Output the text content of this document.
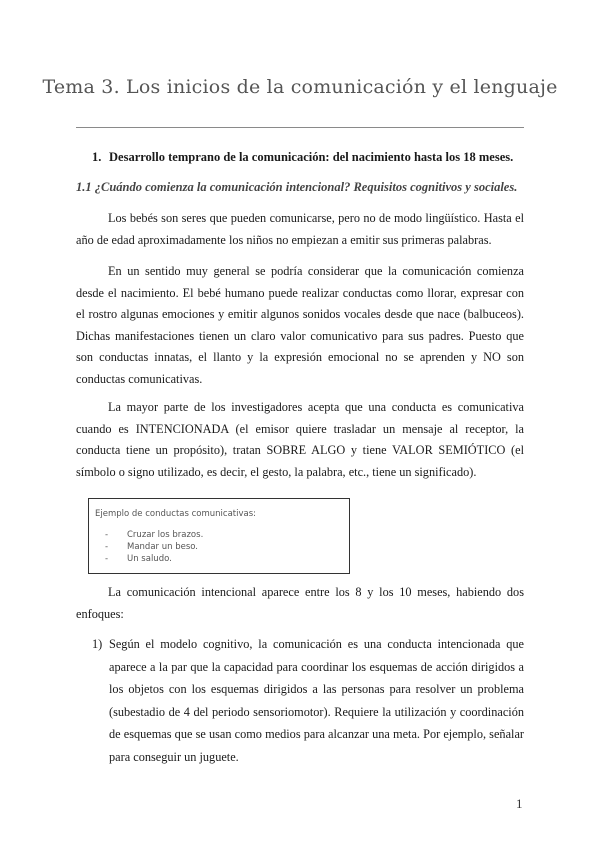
Tema 3. Los inicios de la comunicación y el lenguaje
1. Desarrollo temprano de la comunicación: del nacimiento hasta los 18 meses.
1.1 ¿Cuándo comienza la comunicación intencional? Requisitos cognitivos y sociales.

Los bebés son seres que pueden comunicarse, pero no de modo lingüístico. Hasta el año de edad aproximadamente los niños no empiezan a emitir sus primeras palabras.

En un sentido muy general se podría considerar que la comunicación comienza desde el nacimiento. El bebé humano puede realizar conductas como llorar, expresar con el rostro algunas emociones y emitir algunos sonidos vocales desde que nace (balbuceos). Dichas manifestaciones tienen un claro valor comunicativo para sus padres. Puesto que son conductas innatas, el llanto y la expresión emocional no se aprenden y NO son conductas comunicativas.

La mayor parte de los investigadores acepta que una conducta es comunicativa cuando es INTENCIONADA (el emisor quiere trasladar un mensaje al receptor, la conducta tiene un propósito), tratan SOBRE ALGO y tiene VALOR SEMIÓTICO (el símbolo o signo utilizado, es decir, el gesto, la palabra, etc., tiene un significado).

Ejemplo de conductas comunicativas:
- Cruzar los brazos.
- Mandar un beso.
- Un saludo.

La comunicación intencional aparece entre los 8 y los 10 meses, habiendo dos enfoques:

1) Según el modelo cognitivo, la comunicación es una conducta intencionada que aparece a la par que la capacidad para coordinar los esquemas de acción dirigidos a los objetos con los esquemas dirigidos a las personas para resolver un problema (subestadio de 4 del periodo sensoriomotor). Requiere la utilización y coordinación de esquemas que se usan como medios para alcanzar una meta. Por ejemplo, señalar para conseguir un juguete.

1
